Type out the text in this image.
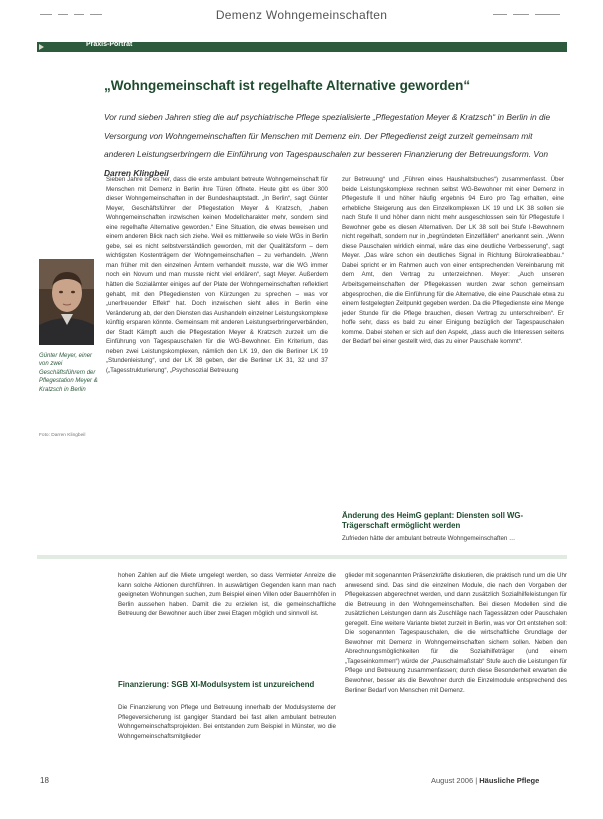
Demenz Wohngemeinschaften
Praxis-Porträt
„Wohngemeinschaft ist regelhafte Alternative geworden“
Vor rund sieben Jahren stieg die auf psychiatrische Pflege spezialisierte „Pflegestation Meyer & Kratzsch“ in Berlin in die Versorgung von Wohngemeinschaften für Menschen mit Demenz ein. Der Pflegedienst zeigt zurzeit gemeinsam mit anderen Leistungserbringern die Einführung von Tagespauschalen zur besseren Finanzierung der Betreuungsform. Von Darren Klingbeil
Günter Meyer, einer von zwei Geschäftsführern der Pflegestation Meyer & Kratzsch in Berlin
Foto: Darren Klingbeil
Sieben Jahre ist es her, dass die erste ambulant betreute Wohngemeinschaft für Menschen mit Demenz in Berlin ihre Türen öffnete. Heute gibt es über 300 dieser Wohngemeinschaften in der Bundeshauptstadt. „In Berlin“, sagt Günter Meyer, Geschäftsführer der Pflegestation Meyer & Kratzsch, „haben Wohngemeinschaften inzwischen keinen Modellcharakter mehr, sondern sind eine regelhafte Alternative geworden.“ Eine Situation, die etwas beweisen und einem anderen Blick nach sich ziehe. Weil es mittlerweile so viele WGs in Berlin gebe, sei es nicht selbstverständlich geworden, mit der Qualitätsform – dem wichtigsten Kostenträgern der Wohngemeinschaften – zu verhandeln. „Wenn man früher mit den einzelnen Ämtern verhandelt musste, war die WG immer noch ein Novum und man musste nicht viel erklären“, sagt Meyer. Außerdem hätten die Sozialämter einiges auf der Plate der Wohngemeinschaften reflektiert gehabt, mit den Pflegediensten von Kürzungen zu sprechen – was vor „unerfreuender Effekt“ hat. Doch inzwischen sieht alles in Berlin eine Veränderung ab, der den Diensten das Aushandeln einzelner Leistungskomplexe künftig ersparen könnte. Gemeinsam mit anderen Leistungserbringerverbänden, der Stadt Kämpft auch die Pflegestation Meyer & Kratzsch zurzeit um die Einführung von Tagespauschalen für die WG-Bewohner. Ein Kriterium, das neben zwei Leistungskomplexen, nämlich den LK 19, den die Berliner LK 19 „Stundenleistung“, und der LK 38 geben, der die Berliner LK 31, 32 und 37 („Tagesstrukturierung“, „Psychosozial Betreuung
zur Betreuung“ und „Führen eines Haushaltsbuches“) zusammenfasst. Über beide Leistungskomplexe rechnen selbst WG-Bewohner mit einer Demenz in Pflegestufe II und höher häufig ergebnis 94 Euro pro Tag erhalten, eine erhebliche Steigerung aus den Einzelkomplexen LK 19 und LK 38 sollen sie nach Stufe II und höher dann nicht mehr ausgeschlossen sein für Pflegestufe I Bewohner gebe es diesen Alternativen. Der LK 38 soll bei Stufe I-Bewohnern nicht regelhaft, sondern nur in „begründeten Einzelfällen“ anerkannt sein. „Wenn diese Pauschalen wirklich einmal, wäre das eine deutliche Verbesserung“, sagt Meyer. „Das wäre schon ein deutliches Signal in Richtung Bürokratieabbau.“ Dabei spricht er im Rahmen auch von einer entsprechenden Vereinbarung mit dem Amt, den Vertrag zu unterzeichnen. Meyer: „Auch unseren Arbeitsgemeinschaften der Pflegekassen wurden zwar schon gemeinsam abgesprochen, die die Einführung für die Alternative, die eine Pauschale etwa zu einem festgelegten Zeitpunkt gegeben werden. Da die Pflegedienste eine Menge jeder Stunde für die Pflege brauchen, diesen Vertrag zu unterschreiben“. Er hoffe sehr, dass es bald zu einer Einigung bezüglich der Tagespauschalen komme. Dabei stehen er sich auf den Aspekt, „dass auch die Interessen seitens der Bedarf bei einer gestellt wird, das zu einer Pauschale kommt“.
Änderung des HeimG geplant: Diensten soll WG-Trägerschaft ermöglicht werden
Zufrieden hätte der ambulant betreute Wohngemeinschaften …
hohen Zahlen auf die Miete umgelegt werden, so dass Vermieter Anreize die kann solche Aktionen durchführen. In auswärtigen Gegenden kann man nach geeigneten Wohnungen suchen, zum Beispiel einen Villen oder Bauernhöfen in Berlin aussehen haben. Damit die zu erzielen ist, die gemeinschaftliche Betreuung der Bewohner auch über zwei Etagen möglich und sinnvoll ist.
Finanzierung: SGB XI-Modulsystem ist unzureichend
Die Finanzierung von Pflege und Betreuung innerhalb der Modulsysteme der Pflegeversicherung ist gangiger Standard bei fast allen ambulant betreuten Wohngemeinschaftsprojekten. Bei entstanden zum Beispiel in Münster, wo die Wohngemeinschaftsmitglieder
glieder mit sogenannten Präsenzkräfte diskutieren, die praktisch rund um die Uhr anwesend sind. Das sind die einzelnen Module, die nach den Vorgaben der Pflegekassen abgerechnet werden, und dann zusätzlich Sozialhilfeleistungen für die Betreuung in den Wohngemeinschaften. Bei diesen Modellen sind die zusätzlichen Leistungen dann als Zuschläge nach Tagessätzen oder Pauschalen geregelt. Eine weitere Variante bietet zurzeit in Berlin, was vor Ort entstehen soll: Die sogenannten Tagespauschalen, die die wirtschaftliche Grundlage der Bewohner mit Demenz in Wohngemeinschaften sichern sollen. Neben den Abrechnungsmöglichkeiten für die Sozialhilfeträger (und einem „Tageseinkommen“) würde der „Pauschalmaßstab“ Stufe auch die Leistungen für Pflege und Betreuung zusammenfassen; durch diese Besonderheit erwarten die Bewohner, besser als die Bewohner durch die Einzelmodule entsprechend des Berliner Bedarf von Menschen mit Demenz.
18	August 2006 | Häusliche Pflege
